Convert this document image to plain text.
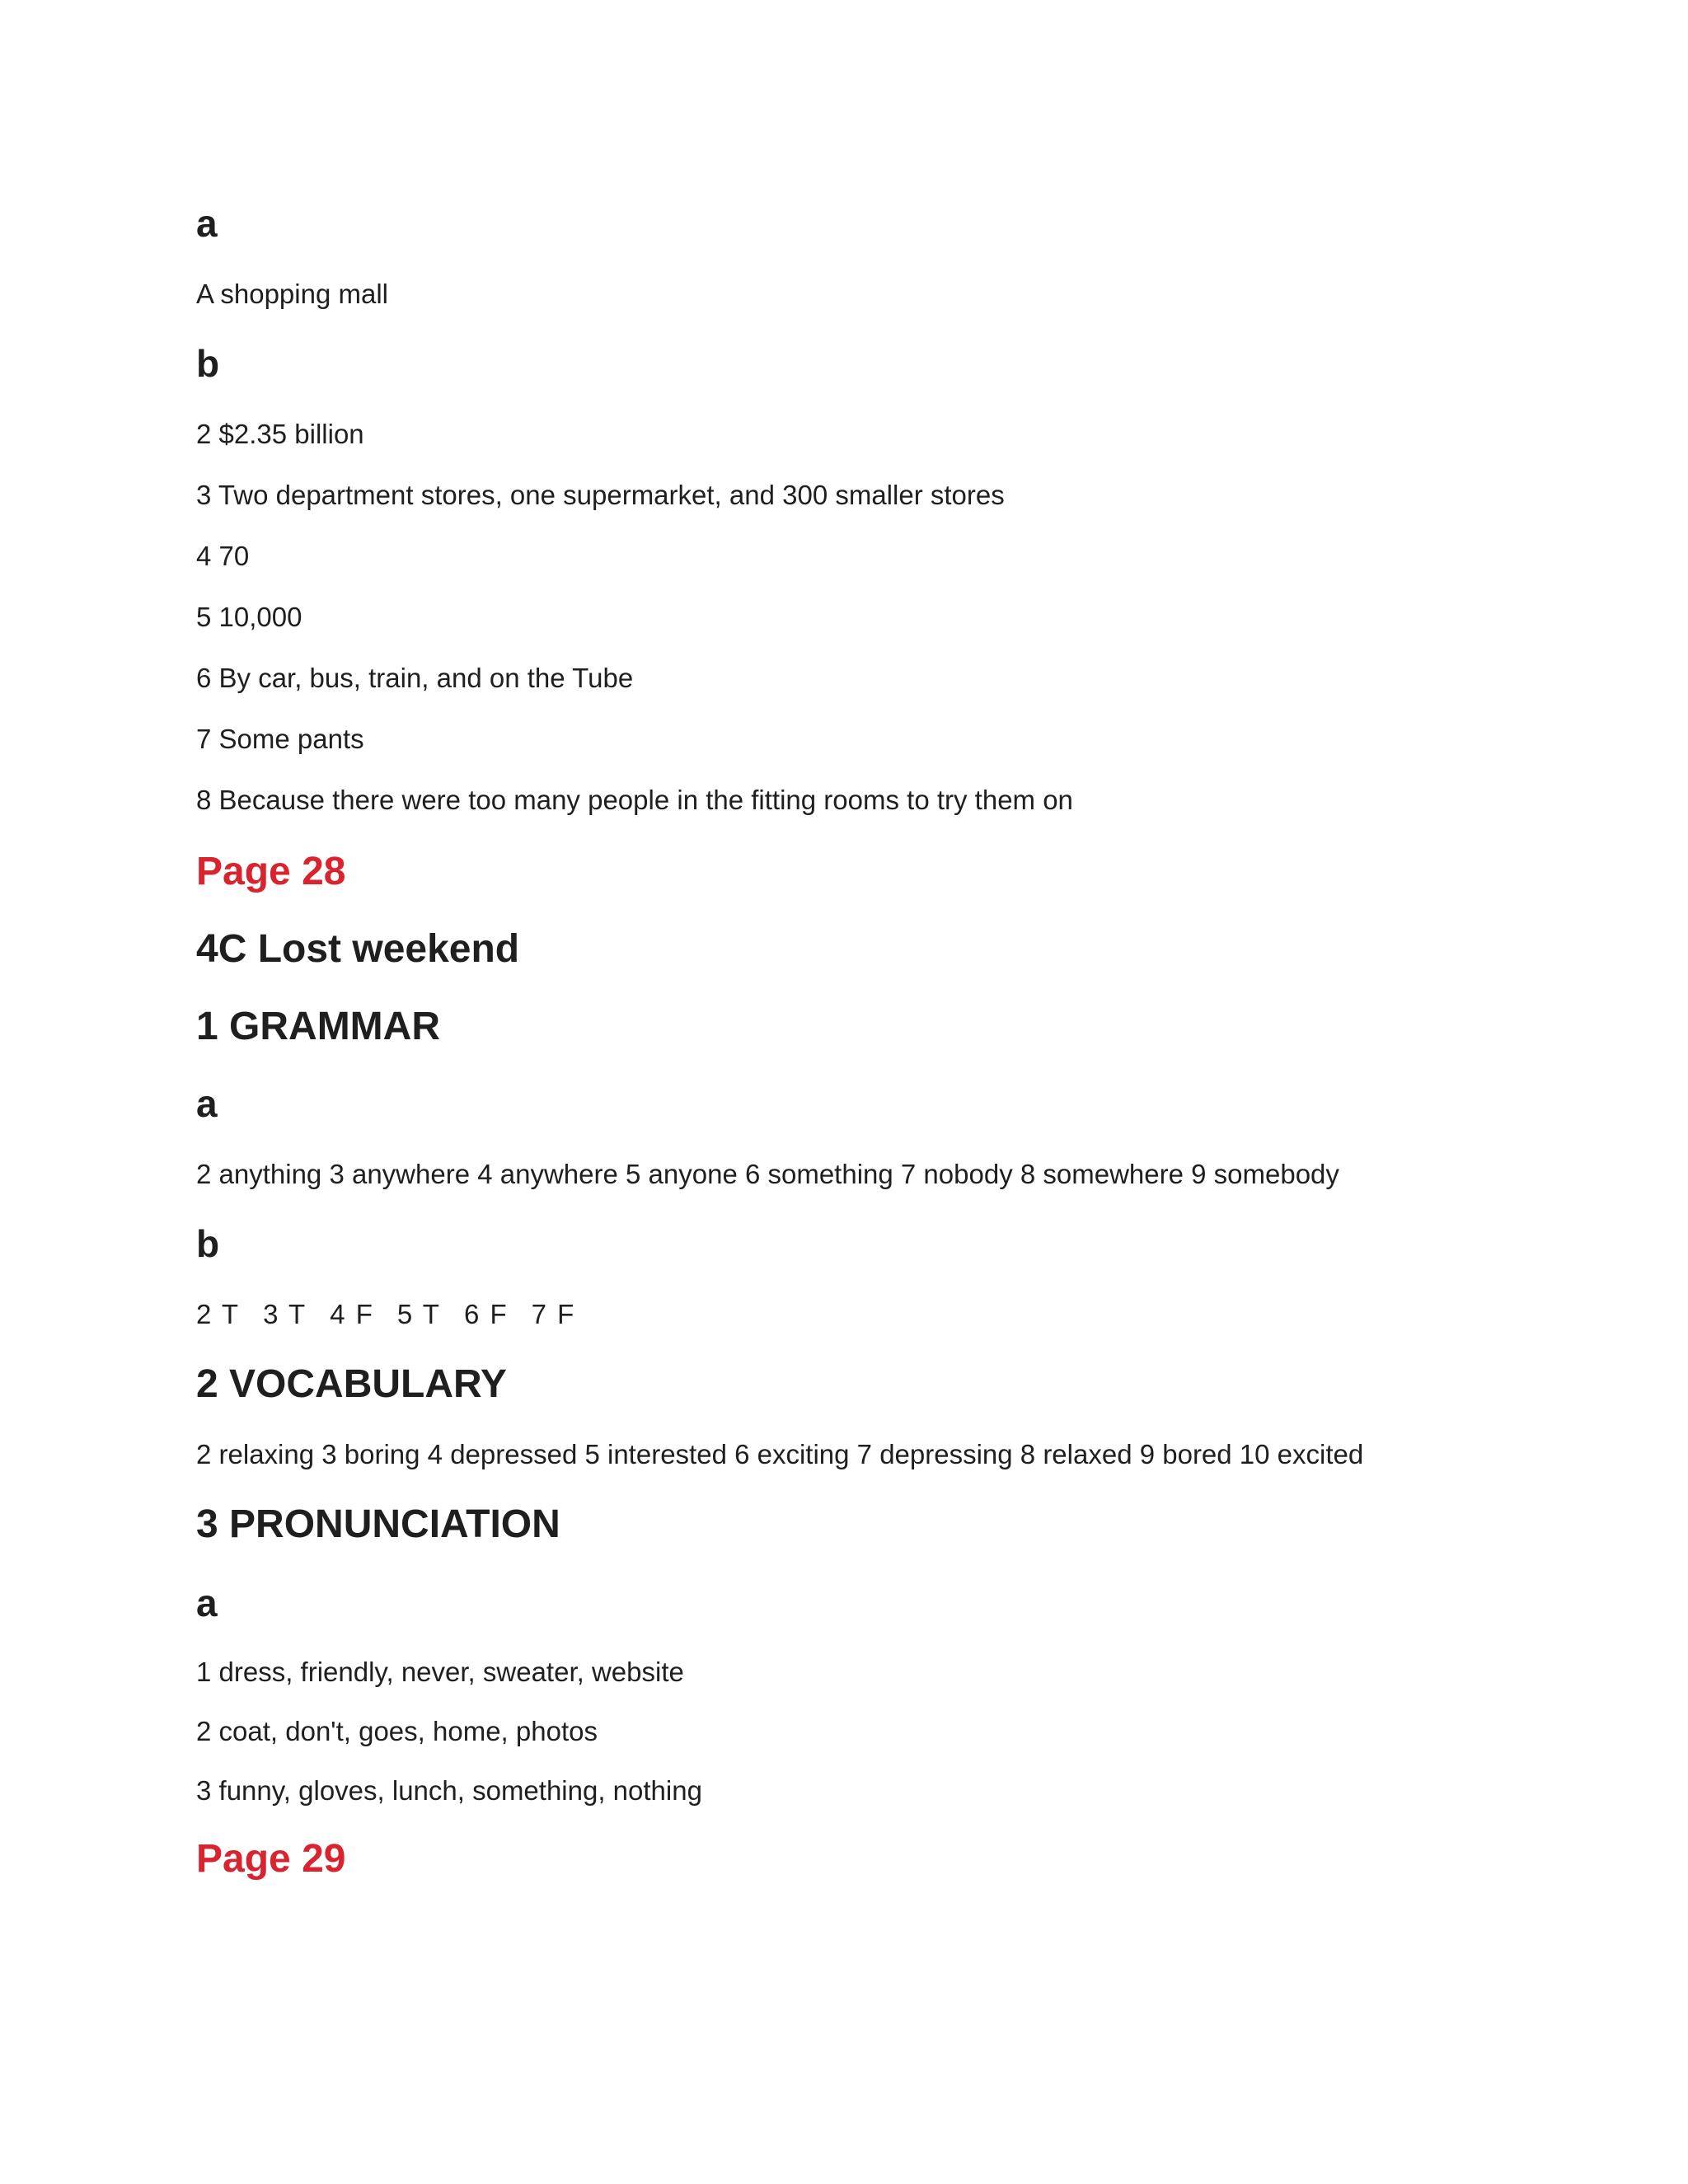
a

A shopping mall

b

2 $2.35 billion

3 Two department stores, one supermarket, and 300 smaller stores

4 70

5 10,000

6 By car, bus, train, and on the Tube

7 Some pants

8 Because there were too many people in the fitting rooms to try them on

Page 28

4C Lost weekend

1 GRAMMAR

a

2 anything 3 anywhere 4 anywhere 5 anyone 6 something 7 nobody 8 somewhere 9 somebody

b

2 T 3 T 4 F 5 T 6 F 7 F

2 VOCABULARY

2 relaxing 3 boring 4 depressed 5 interested 6 exciting 7 depressing 8 relaxed 9 bored 10 excited

3 PRONUNCIATION

a

1 dress, friendly, never, sweater, website

2 coat, don't, goes, home, photos

3 funny, gloves, lunch, something, nothing

Page 29
